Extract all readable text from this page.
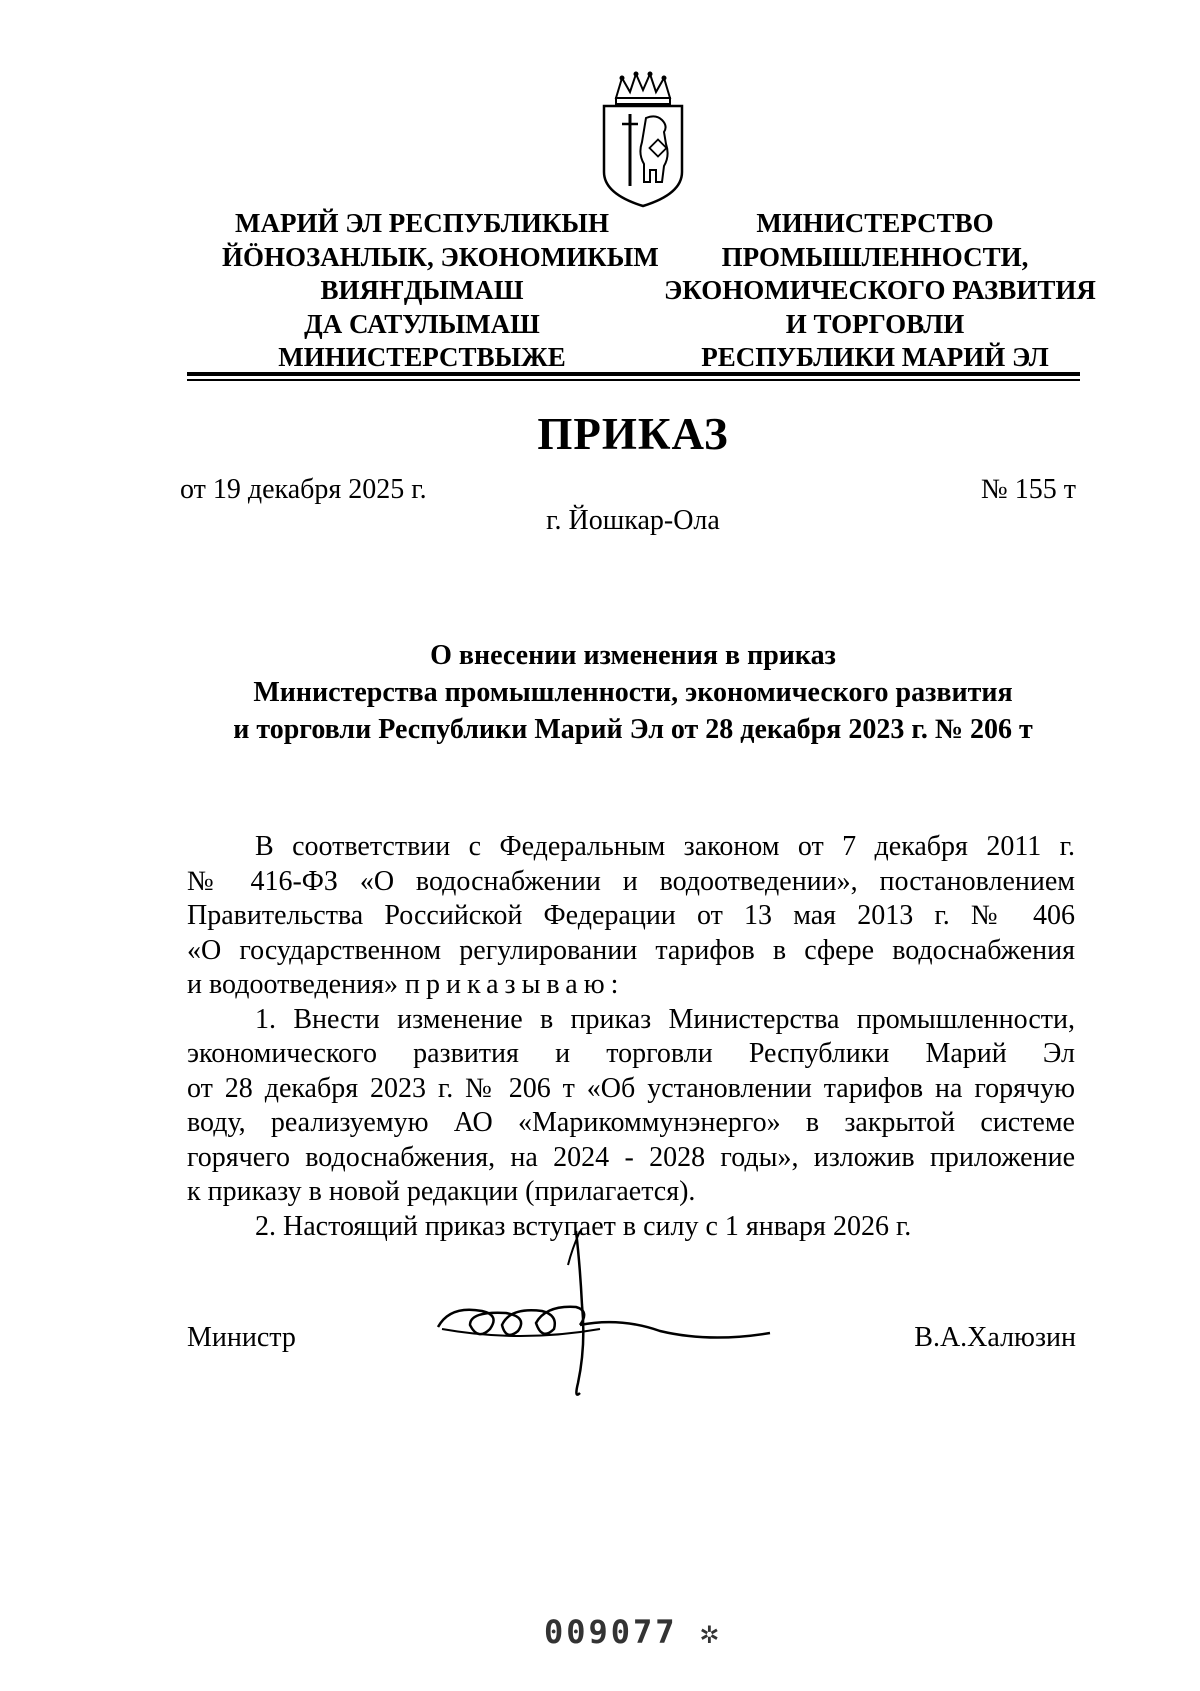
МАРИЙ ЭЛ РЕСПУБЛИКЫН
ЙӦНОЗАНЛЫК, ЭКОНОМИКЫМ
ВИЯҤДЫМАШ
ДА САТУЛЫМАШ
МИНИСТЕРСТВЫЖЕ
МИНИСТЕРСТВО
ПРОМЫШЛЕННОСТИ,
ЭКОНОМИЧЕСКОГО РАЗВИТИЯ
И ТОРГОВЛИ
РЕСПУБЛИКИ МАРИЙ ЭЛ
ПРИКАЗ
от 19 декабря 2025 г.	№ 155 т
г. Йошкар-Ола
О внесении изменения в приказ
Министерства промышленности, экономического развития
и торговли Республики Марий Эл от 28 декабря 2023 г. № 206 т
В соответствии с Федеральным законом от 7 декабря 2011 г.
№ 416-ФЗ «О водоснабжении и водоотведении», постановлением
Правительства Российской Федерации от 13 мая 2013 г. № 406
«О государственном регулировании тарифов в сфере водоснабжения
и водоотведения» приказываю:
1. Внести изменение в приказ Министерства промышленности,
экономического развития и торговли Республики Марий Эл
от 28 декабря 2023 г. № 206 т «Об установлении тарифов на горячую
воду, реализуемую АО «Марикоммунэнерго» в закрытой системе
горячего водоснабжения, на 2024 - 2028 годы», изложив приложение
к приказу в новой редакции (прилагается).
2. Настоящий приказ вступает в силу с 1 января 2026 г.
Министр	В.А.Халюзин
009077 ✲
